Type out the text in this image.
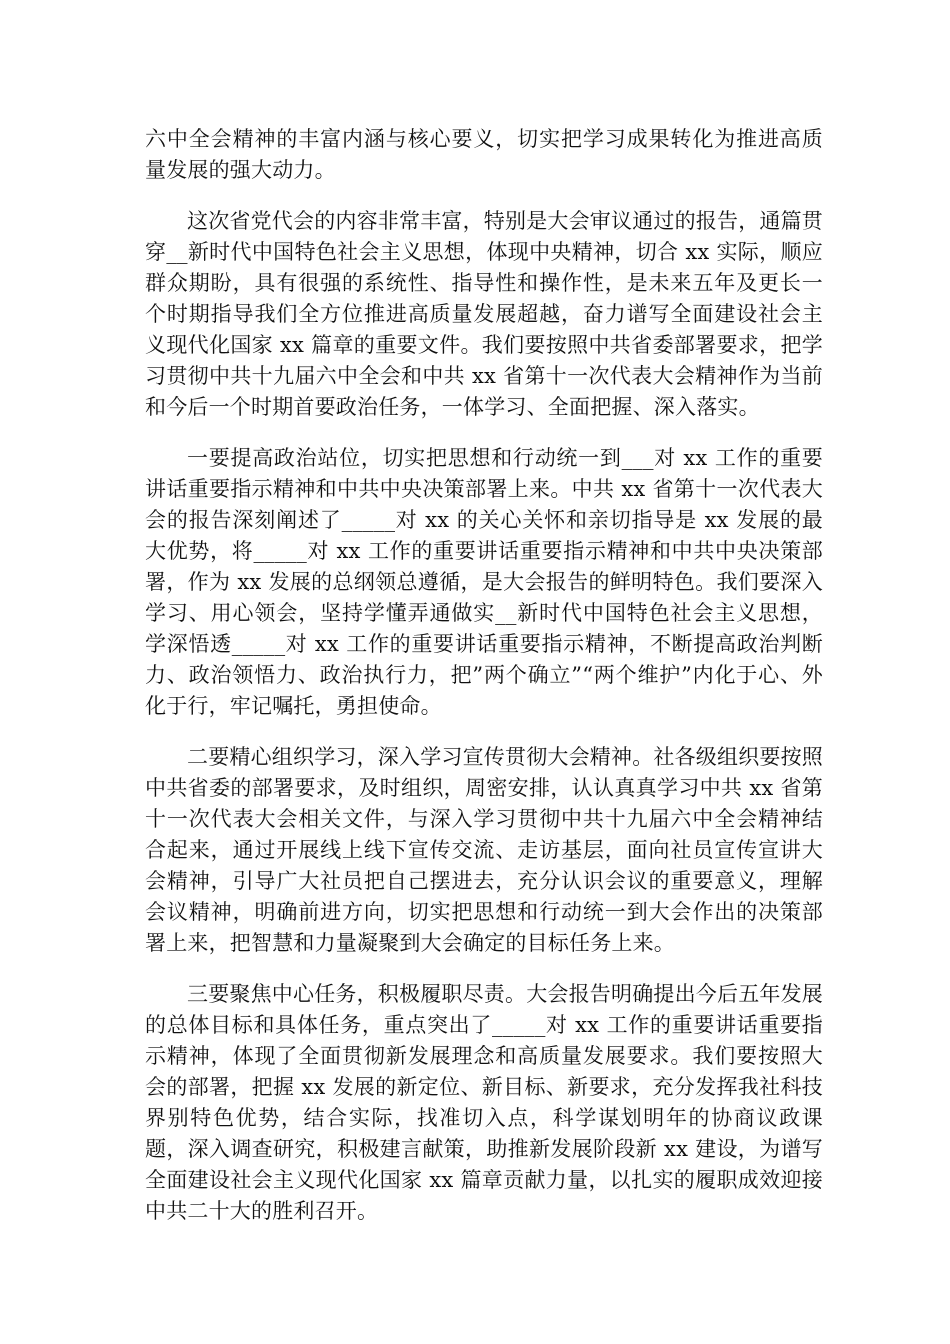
六中全会精神的丰富内涵与核心要义，切实把学习成果转化为推进高质量发展的强大动力。

这次省党代会的内容非常丰富，特别是大会审议通过的报告，通篇贯穿__新时代中国特色社会主义思想，体现中央精神，切合 xx 实际，顺应群众期盼，具有很强的系统性、指导性和操作性，是未来五年及更长一个时期指导我们全方位推进高质量发展超越，奋力谱写全面建设社会主义现代化国家 xx 篇章的重要文件。我们要按照中共省委部署要求，把学习贯彻中共十九届六中全会和中共 xx 省第十一次代表大会精神作为当前和今后一个时期首要政治任务，一体学习、全面把握、深入落实。

一要提高政治站位，切实把思想和行动统一到___对 xx 工作的重要讲话重要指示精神和中共中央决策部署上来。中共 xx 省第十一次代表大会的报告深刻阐述了_____对 xx 的关心关怀和亲切指导是 xx 发展的最大优势，将_____对 xx 工作的重要讲话重要指示精神和中共中央决策部署，作为 xx 发展的总纲领总遵循，是大会报告的鲜明特色。我们要深入学习、用心领会，坚持学懂弄通做实__新时代中国特色社会主义思想，学深悟透_____对 xx 工作的重要讲话重要指示精神，不断提高政治判断力、政治领悟力、政治执行力，把”两个确立”“两个维护”内化于心、外化于行，牢记嘱托，勇担使命。

二要精心组织学习，深入学习宣传贯彻大会精神。社各级组织要按照中共省委的部署要求，及时组织，周密安排，认认真真学习中共 xx 省第十一次代表大会相关文件，与深入学习贯彻中共十九届六中全会精神结合起来，通过开展线上线下宣传交流、走访基层，面向社员宣传宣讲大会精神，引导广大社员把自己摆进去，充分认识会议的重要意义，理解会议精神，明确前进方向，切实把思想和行动统一到大会作出的决策部署上来，把智慧和力量凝聚到大会确定的目标任务上来。

三要聚焦中心任务，积极履职尽责。大会报告明确提出今后五年发展的总体目标和具体任务，重点突出了_____对 xx 工作的重要讲话重要指示精神，体现了全面贯彻新发展理念和高质量发展要求。我们要按照大会的部署，把握 xx 发展的新定位、新目标、新要求，充分发挥我社科技界别特色优势，结合实际，找准切入点，科学谋划明年的协商议政课题，深入调查研究，积极建言献策，助推新发展阶段新 xx 建设，为谱写全面建设社会主义现代化国家 xx 篇章贡献力量，以扎实的履职成效迎接中共二十大的胜利召开。
